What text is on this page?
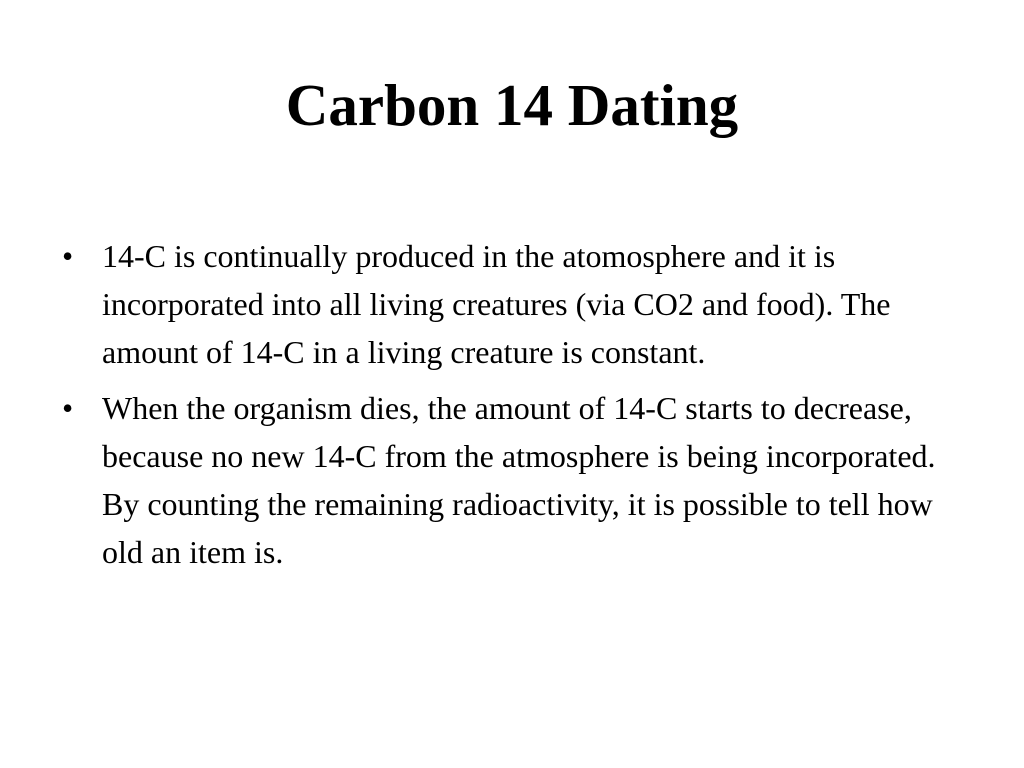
Carbon 14 Dating
• 14-C is continually produced in the atomosphere and it is incorporated into all living creatures (via CO2 and food). The amount of 14-C in a living creature is constant.
• When the organism dies, the amount of 14-C starts to decrease, because no new 14-C from the atmosphere is being incorporated. By counting the remaining radioactivity, it is possible to tell how old an item is.
